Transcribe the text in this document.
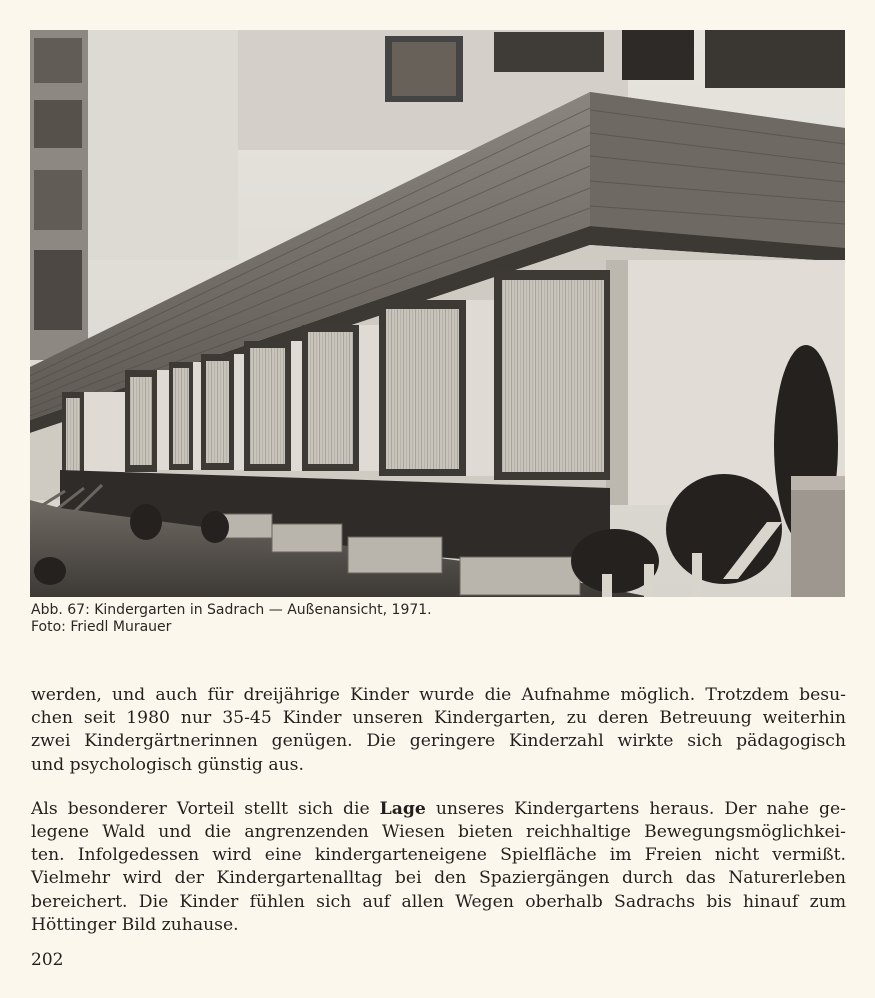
Abb. 67: Kindergarten in Sadrach — Außenansicht, 1971.
Foto: Friedl Murauer

werden, und auch für dreijährige Kinder wurde die Aufnahme möglich. Trotzdem besu-
chen seit 1980 nur 35-45 Kinder unseren Kindergarten, zu deren Betreuung weiterhin
zwei Kindergärtnerinnen genügen. Die geringere Kinderzahl wirkte sich pädagogisch
und psychologisch günstig aus.

Als besonderer Vorteil stellt sich die Lage unseres Kindergartens heraus. Der nahe ge-
legene Wald und die angrenzenden Wiesen bieten reichhaltige Bewegungsmöglichkei-
ten. Infolgedessen wird eine kindergarteneigene Spielfläche im Freien nicht vermißt.
Vielmehr wird der Kindergartenalltag bei den Spaziergängen durch das Naturerleben
bereichert. Die Kinder fühlen sich auf allen Wegen oberhalb Sadrachs bis hinauf zum
Höttinger Bild zuhause.

202
